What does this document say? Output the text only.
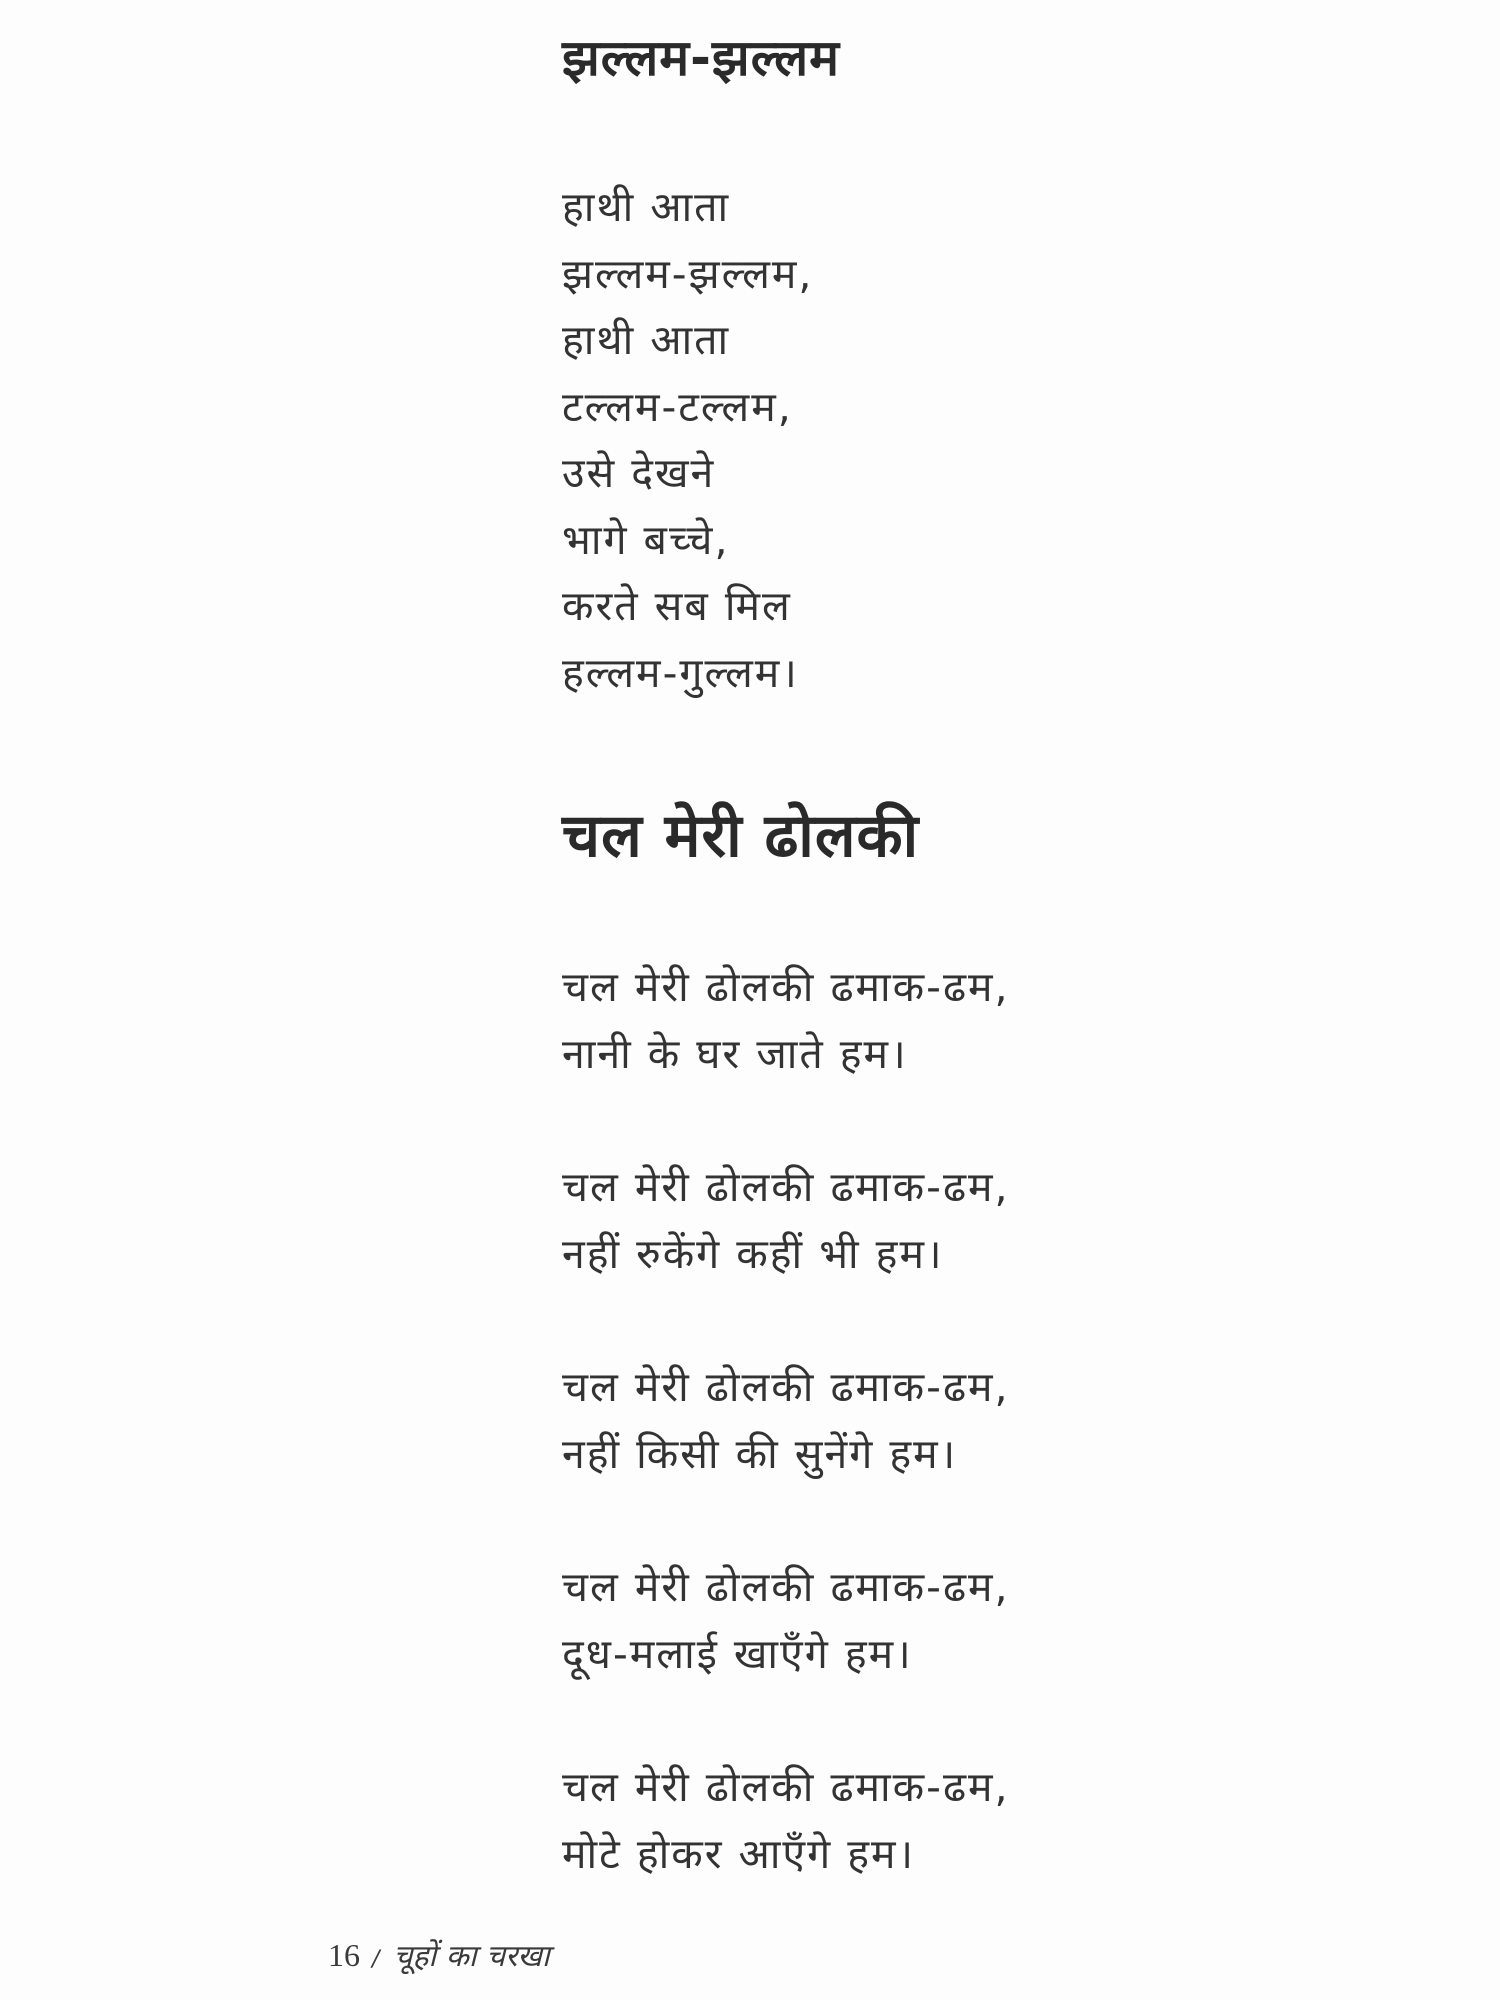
झल्लम-झल्लम
हाथी आता
झल्लम-झल्लम,
हाथी आता
टल्लम-टल्लम,
उसे देखने
भागे बच्चे,
करते सब मिल
हल्लम-गुल्लम।
चल मेरी ढोलकी
चल मेरी ढोलकी ढमाक-ढम,
नानी के घर जाते हम।
चल मेरी ढोलकी ढमाक-ढम,
नहीं रुकेंगे कहीं भी हम।
चल मेरी ढोलकी ढमाक-ढम,
नहीं किसी की सुनेंगे हम।
चल मेरी ढोलकी ढमाक-ढम,
दूध-मलाई खाएँगे हम।
चल मेरी ढोलकी ढमाक-ढम,
मोटे होकर आएँगे हम।
16 / चूहों का चरखा
